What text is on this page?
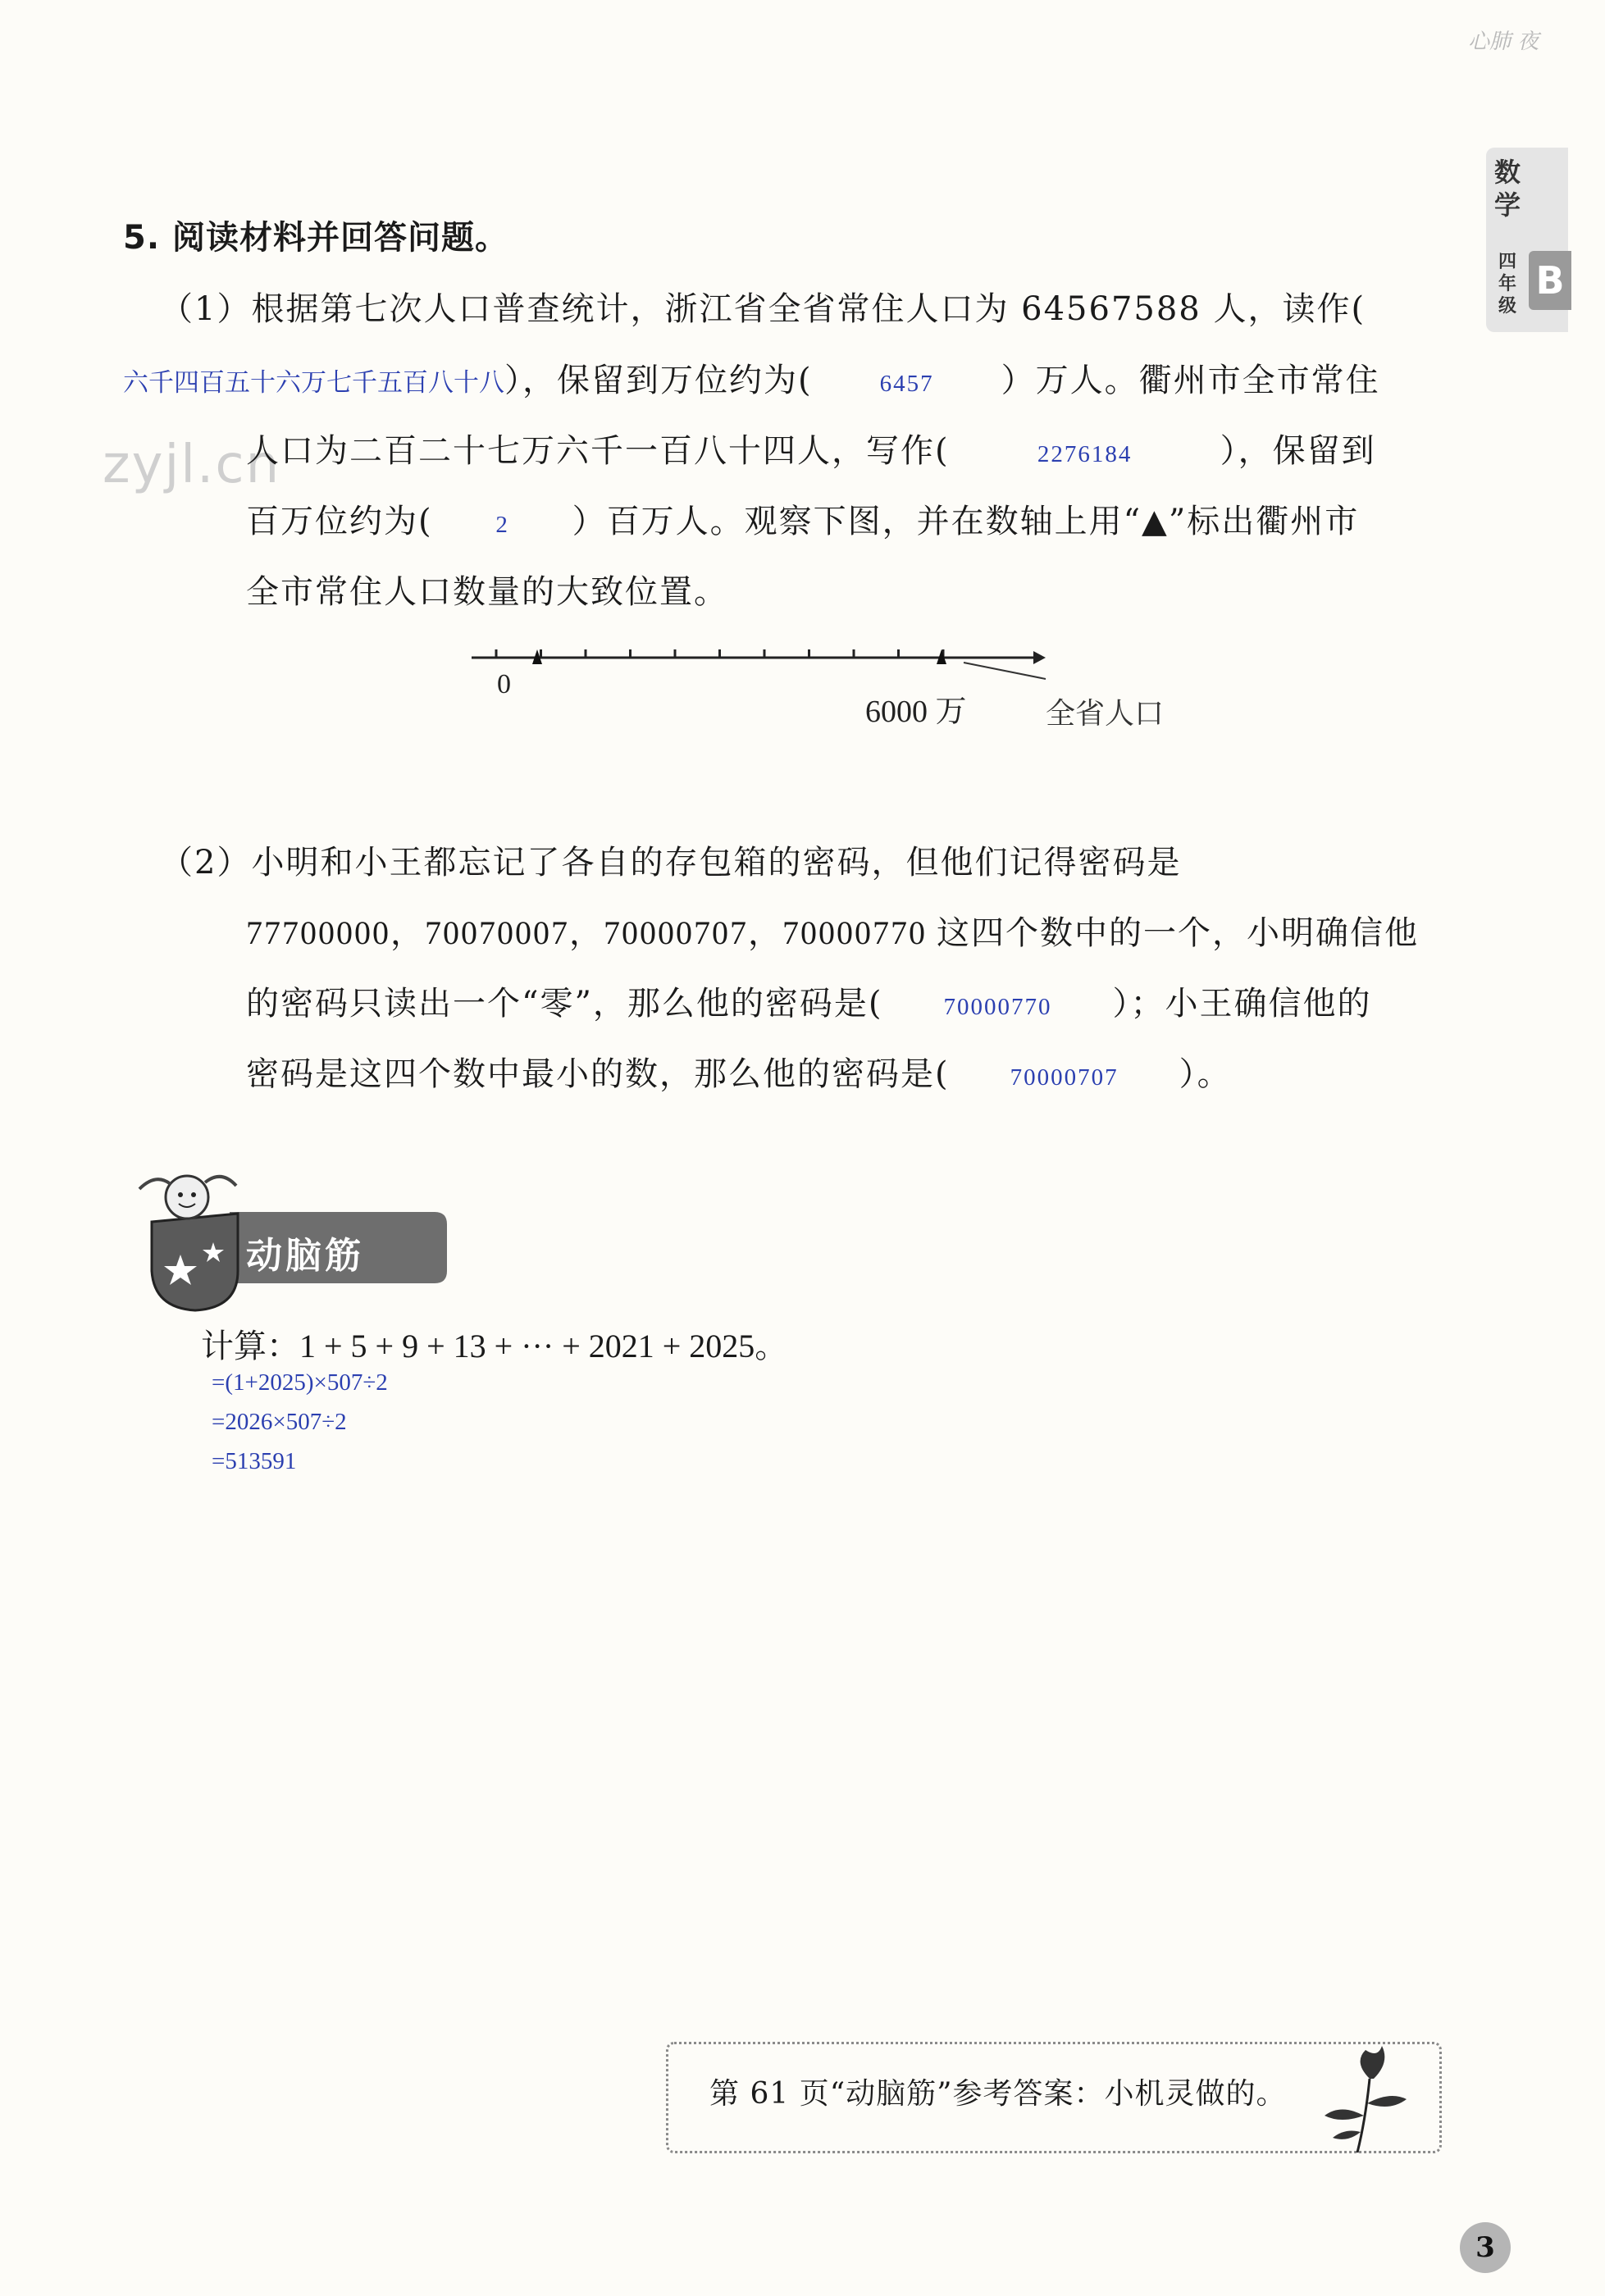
心肺 夜
zyjl.cn
数学
四年级
B
5. 阅读材料并回答问题。
（1）根据第七次人口普查统计，浙江省全省常住人口为 64567588 人，读作(
六千四百五十六万七千五百八十八），保留到万位约为(	6457 ）万人。衢州市全市常住
人口为二百二十七万六千一百八十四人，写作(	2276184	），保留到
百万位约为(	2 ）百万人。观察下图，并在数轴上用“▲”标出衢州市
全市常住人口数量的大致位置。
0
6000 万	全省人口
（2）小明和小王都忘记了各自的存包箱的密码，但他们记得密码是
77700000，70070007，70000707，70000770 这四个数中的一个，小明确信他
的密码只读出一个“零”，那么他的密码是(	70000770 ）；小王确信他的
密码是这四个数中最小的数，那么他的密码是(	70000707 ）。
动脑筋
计算：1 + 5 + 9 + 13 + ··· + 2021 + 2025。
=(1+2025)×507÷2
=2026×507÷2
=513591
第 61 页“动脑筋”参考答案：小机灵做的。
3
